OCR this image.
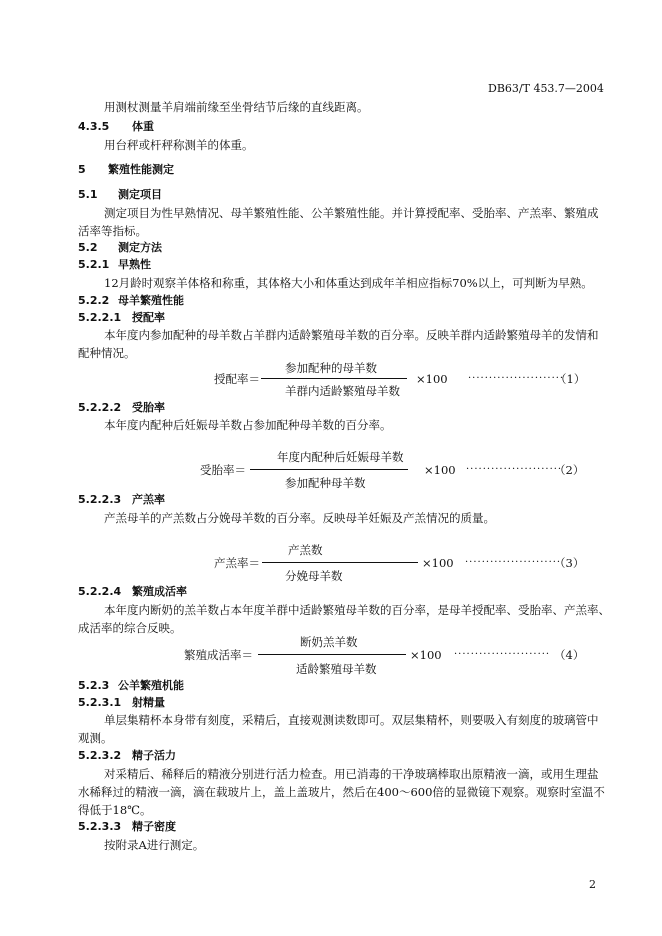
DB63/T 453.7—2004
用测杖测量羊肩端前缘至坐骨结节后缘的直线距离。
4.3.5 体重
用台秤或杆秤称测羊的体重。
5 繁殖性能测定
5.1 测定项目
测定项目为性早熟情况、母羊繁殖性能、公羊繁殖性能。并计算授配率、受胎率、产羔率、繁殖成
活率等指标。
5.2 测定方法
5.2.1 早熟性
12月龄时观察羊体格和称重，其体格大小和体重达到成年羊相应指标70%以上，可判断为早熟。
5.2.2 母羊繁殖性能
5.2.2.1 授配率
本年度内参加配种的母羊数占羊群内适龄繁殖母羊数的百分率。反映羊群内适龄繁殖母羊的发情和
配种情况。
参加配种的母羊数
授配率＝	×100 ·······················
（1）
羊群内适龄繁殖母羊数
5.2.2.2 受胎率
本年度内配种后妊娠母羊数占参加配种母羊数的百分率。
年度内配种后妊娠母羊数
受胎率＝	×100 ·······················
（2）
参加配种母羊数
5.2.2.3 产羔率
产羔母羊的产羔数占分娩母羊数的百分率。反映母羊妊娠及产羔情况的质量。
产羔数
产羔率＝	×100 ·······················
（3）
分娩母羊数
5.2.2.4 繁殖成活率
本年度内断奶的羔羊数占本年度羊群中适龄繁殖母羊数的百分率，是母羊授配率、受胎率、产羔率、
成活率的综合反映。
断奶羔羊数
繁殖成活率＝	×100 ······················· （4）
适龄繁殖母羊数
5.2.3 公羊繁殖机能
5.2.3.1 射精量
单层集精杯本身带有刻度，采精后，直接观测读数即可。双层集精杯，则要吸入有刻度的玻璃管中
观测。
5.2.3.2 精子活力
对采精后、稀释后的精液分别进行活力检查。用已消毒的干净玻璃棒取出原精液一滴，或用生理盐
水稀释过的精液一滴，滴在载玻片上，盖上盖玻片，然后在400～600倍的显微镜下观察。观察时室温不
得低于18℃。
5.2.3.3 精子密度
按附录A进行测定。
2
